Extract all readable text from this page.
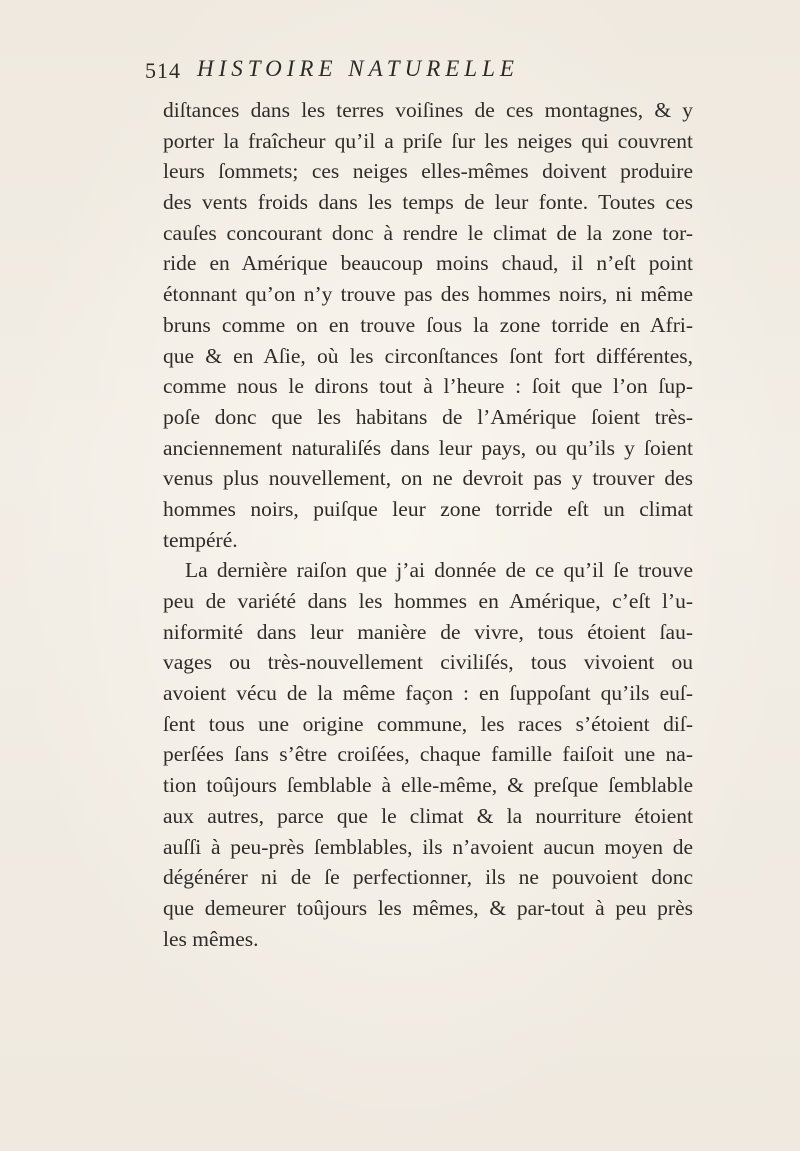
514 HISTOIRE NATURELLE
diſtances dans les terres voiſines de ces montagnes, & y
porter la fraîcheur qu’il a priſe ſur les neiges qui couvrent
leurs ſommets; ces neiges elles-mêmes doivent produire
des vents froids dans les temps de leur fonte. Toutes ces
cauſes concourant donc à rendre le climat de la zone tor-
ride en Amérique beaucoup moins chaud, il n’eſt point
étonnant qu’on n’y trouve pas des hommes noirs, ni même
bruns comme on en trouve ſous la zone torride en Afri-
que & en Aſie, où les circonſtances ſont fort différentes,
comme nous le dirons tout à l’heure : ſoit que l’on ſup-
poſe donc que les habitans de l’Amérique ſoient très-
anciennement naturaliſés dans leur pays, ou qu’ils y ſoient
venus plus nouvellement, on ne devroit pas y trouver des
hommes noirs, puiſque leur zone torride eſt un climat
tempéré.
La dernière raiſon que j’ai donnée de ce qu’il ſe trouve
peu de variété dans les hommes en Amérique, c’eſt l’u-
niformité dans leur manière de vivre, tous étoient ſau-
vages ou très-nouvellement civiliſés, tous vivoient ou
avoient vécu de la même façon : en ſuppoſant qu’ils euſ-
ſent tous une origine commune, les races s’étoient diſ-
perſées ſans s’être croiſées, chaque famille faiſoit une na-
tion toûjours ſemblable à elle-même, & preſque ſemblable
aux autres, parce que le climat & la nourriture étoient
auſſi à peu-près ſemblables, ils n’avoient aucun moyen de
dégénérer ni de ſe perfectionner, ils ne pouvoient donc
que demeurer toûjours les mêmes, & par-tout à peu près
les mêmes.
